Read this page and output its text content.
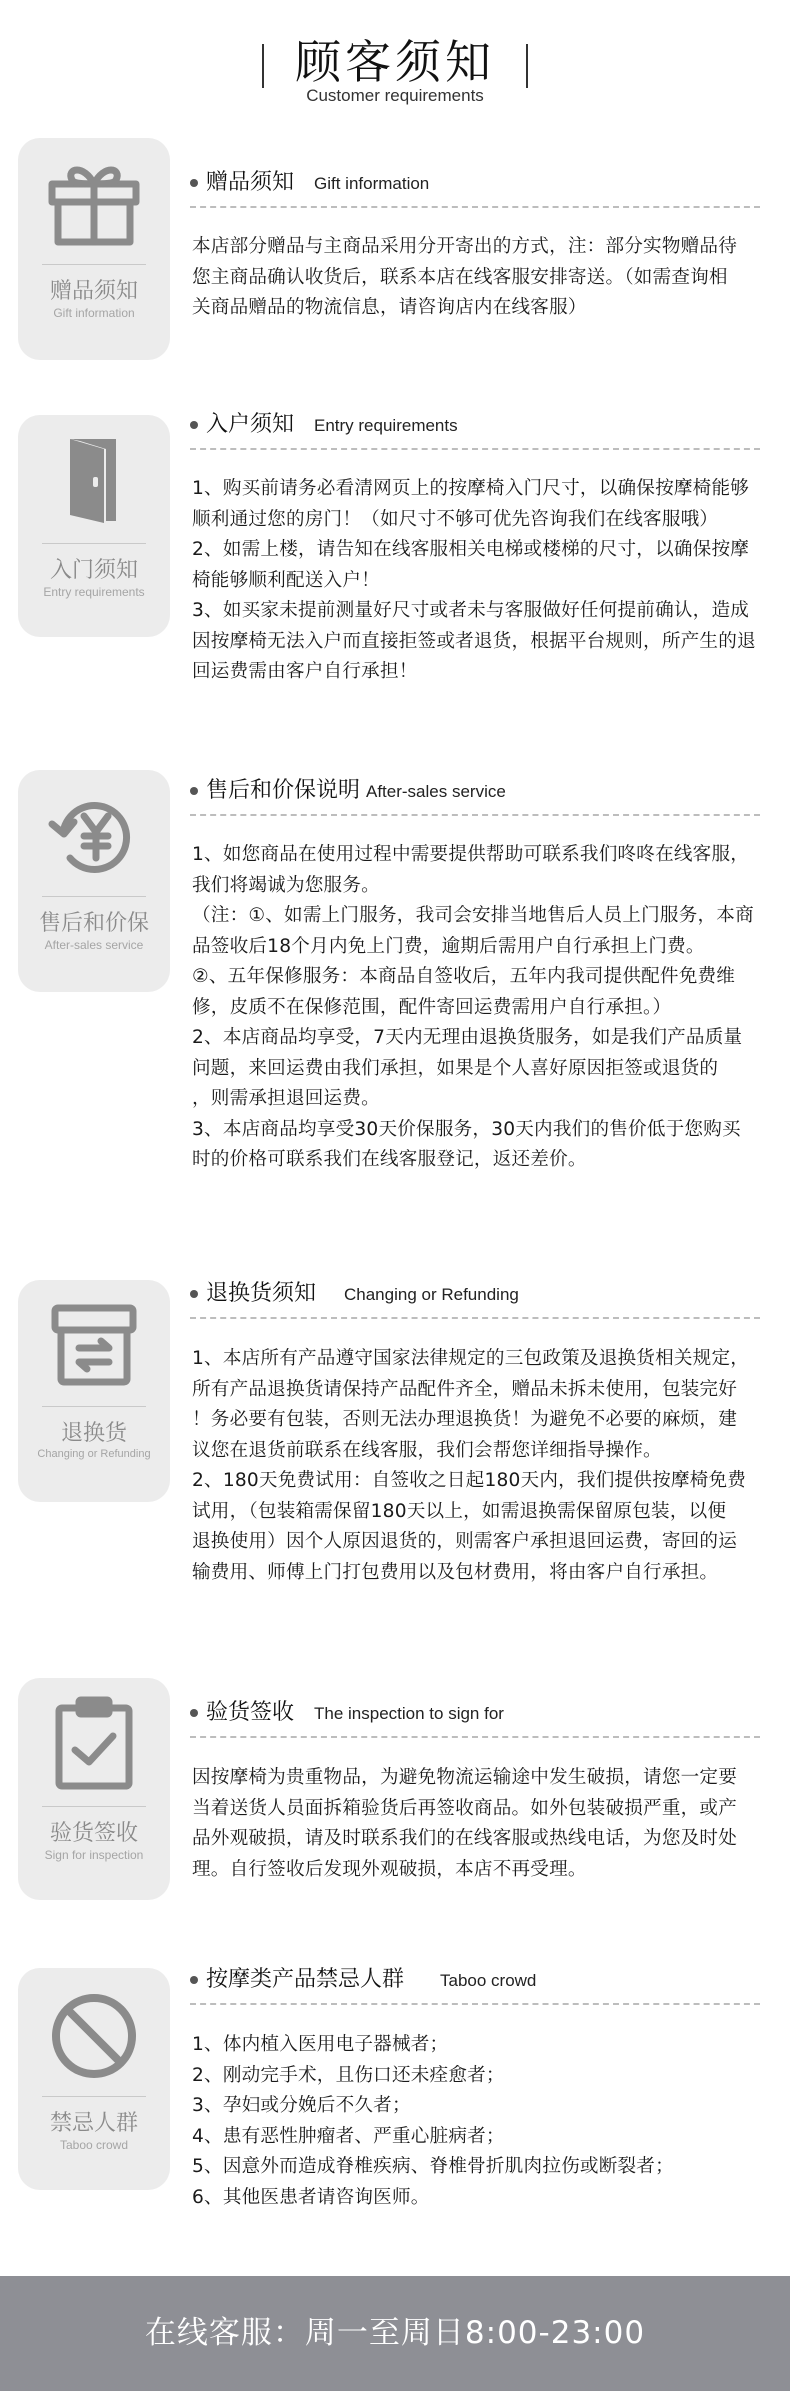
顾客须知
Customer requirements
赠品须知
Gift information
赠品须知 Gift information

本店部分赠品与主商品采用分开寄出的方式，注：部分实物赠品待

您主商品确认收货后，联系本店在线客服安排寄送。（如需查询相

关商品赠品的物流信息，请咨询店内在线客服）

入门须知
Entry requirements
入户须知 Entry requirements

1、购买前请务必看清网页上的按摩椅入门尺寸，以确保按摩椅能够

顺利通过您的房门！（如尺寸不够可优先咨询我们在线客服哦）

2、如需上楼，请告知在线客服相关电梯或楼梯的尺寸，以确保按摩

椅能够顺利配送入户！

3、如买家未提前测量好尺寸或者未与客服做好任何提前确认，造成

因按摩椅无法入户而直接拒签或者退货，根据平台规则，所产生的退

回运费需由客户自行承担！

售后和价保
After-sales service
售后和价保说明 After-sales service

1、如您商品在使用过程中需要提供帮助可联系我们咚咚在线客服，

我们将竭诚为您服务。

（注：①、如需上门服务，我司会安排当地售后人员上门服务，本商

品签收后18个月内免上门费，逾期后需用户自行承担上门费。

②、五年保修服务：本商品自签收后，五年内我司提供配件免费维

修，皮质不在保修范围，配件寄回运费需用户自行承担。）

2、本店商品均享受，7天内无理由退换货服务，如是我们产品质量

问题，来回运费由我们承担，如果是个人喜好原因拒签或退货的

，则需承担退回运费。

3、本店商品均享受30天价保服务，30天内我们的售价低于您购买

时的价格可联系我们在线客服登记，返还差价。

退换货
Changing or Refunding
退换货须知 Changing or Refunding

1、本店所有产品遵守国家法律规定的三包政策及退换货相关规定，

所有产品退换货请保持产品配件齐全，赠品未拆未使用，包装完好

！务必要有包装，否则无法办理退换货！为避免不必要的麻烦，建

议您在退货前联系在线客服，我们会帮您详细指导操作。

2、180天免费试用：自签收之日起180天内，我们提供按摩椅免费

试用，（包装箱需保留180天以上，如需退换需保留原包装，以便

退换使用）因个人原因退货的，则需客户承担退回运费，寄回的运

输费用、师傅上门打包费用以及包材费用，将由客户自行承担。

验货签收
Sign for inspection
验货签收 The inspection to sign for

因按摩椅为贵重物品，为避免物流运输途中发生破损，请您一定要

当着送货人员面拆箱验货后再签收商品。如外包装破损严重，或产

品外观破损，请及时联系我们的在线客服或热线电话，为您及时处

理。自行签收后发现外观破损，本店不再受理。

禁忌人群
Taboo crowd
按摩类产品禁忌人群 Taboo crowd

1、体内植入医用电子器械者；

2、刚动完手术，且伤口还未痊愈者；

3、孕妇或分娩后不久者；

4、患有恶性肿瘤者、严重心脏病者；

5、因意外而造成脊椎疾病、脊椎骨折肌肉拉伤或断裂者；

6、其他医患者请咨询医师。

在线客服：周一至周日8:00-23:00
